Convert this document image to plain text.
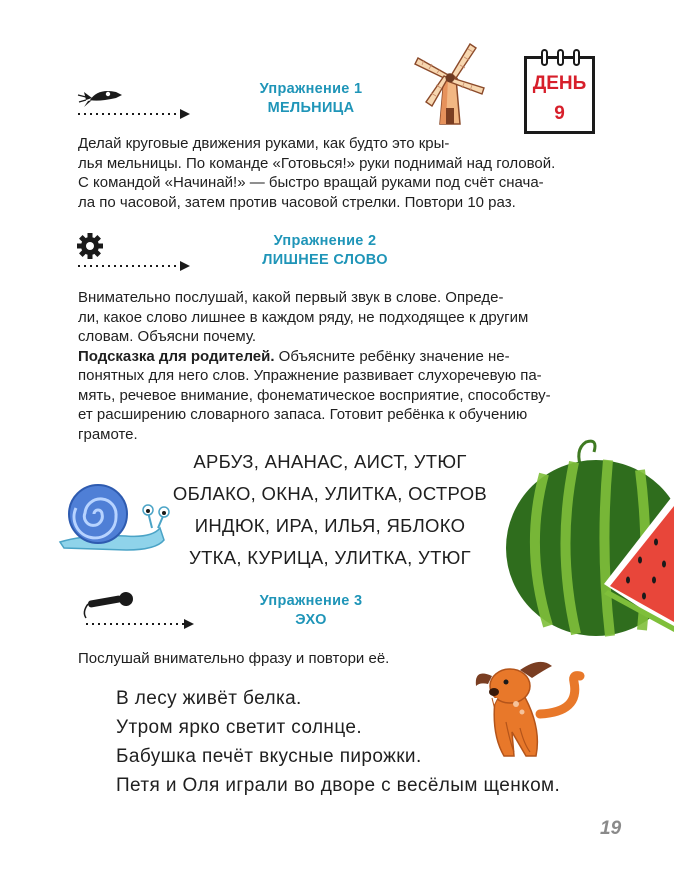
ДЕНЬ
9
Упражнение 1
МЕЛЬНИЦА
Делай круговые движения руками, как будто это кры-
лья мельницы. По команде «Готовься!» руки поднимай над головой.
С командой «Начинай!» — быстро вращай руками под счёт снача-
ла по часовой, затем против часовой стрелки. Повтори 10 раз.
Упражнение 2
ЛИШНЕЕ СЛОВО
Внимательно послушай, какой первый звук в слове. Опреде-
ли, какое слово лишнее в каждом ряду, не подходящее к другим
словам. Объясни почему.
Подсказка для родителей. Объясните ребёнку значение не-
понятных для него слов. Упражнение развивает слухоречевую па-
мять, речевое внимание, фонематическое восприятие, способству-
ет расширению словарного запаса. Готовит ребёнка к обучению
грамоте.
АРБУЗ, АНАНАС, АИСТ, УТЮГ
ОБЛАКО, ОКНА, УЛИТКА, ОСТРОВ
ИНДЮК, ИРА, ИЛЬЯ, ЯБЛОКО
УТКА, КУРИЦА, УЛИТКА, УТЮГ
Упражнение 3
ЭХО
Послушай внимательно фразу и повтори её.
В лесу живёт белка.
Утром ярко светит солнце.
Бабушка печёт вкусные пирожки.
Петя и Оля играли во дворе с весёлым щенком.
19
